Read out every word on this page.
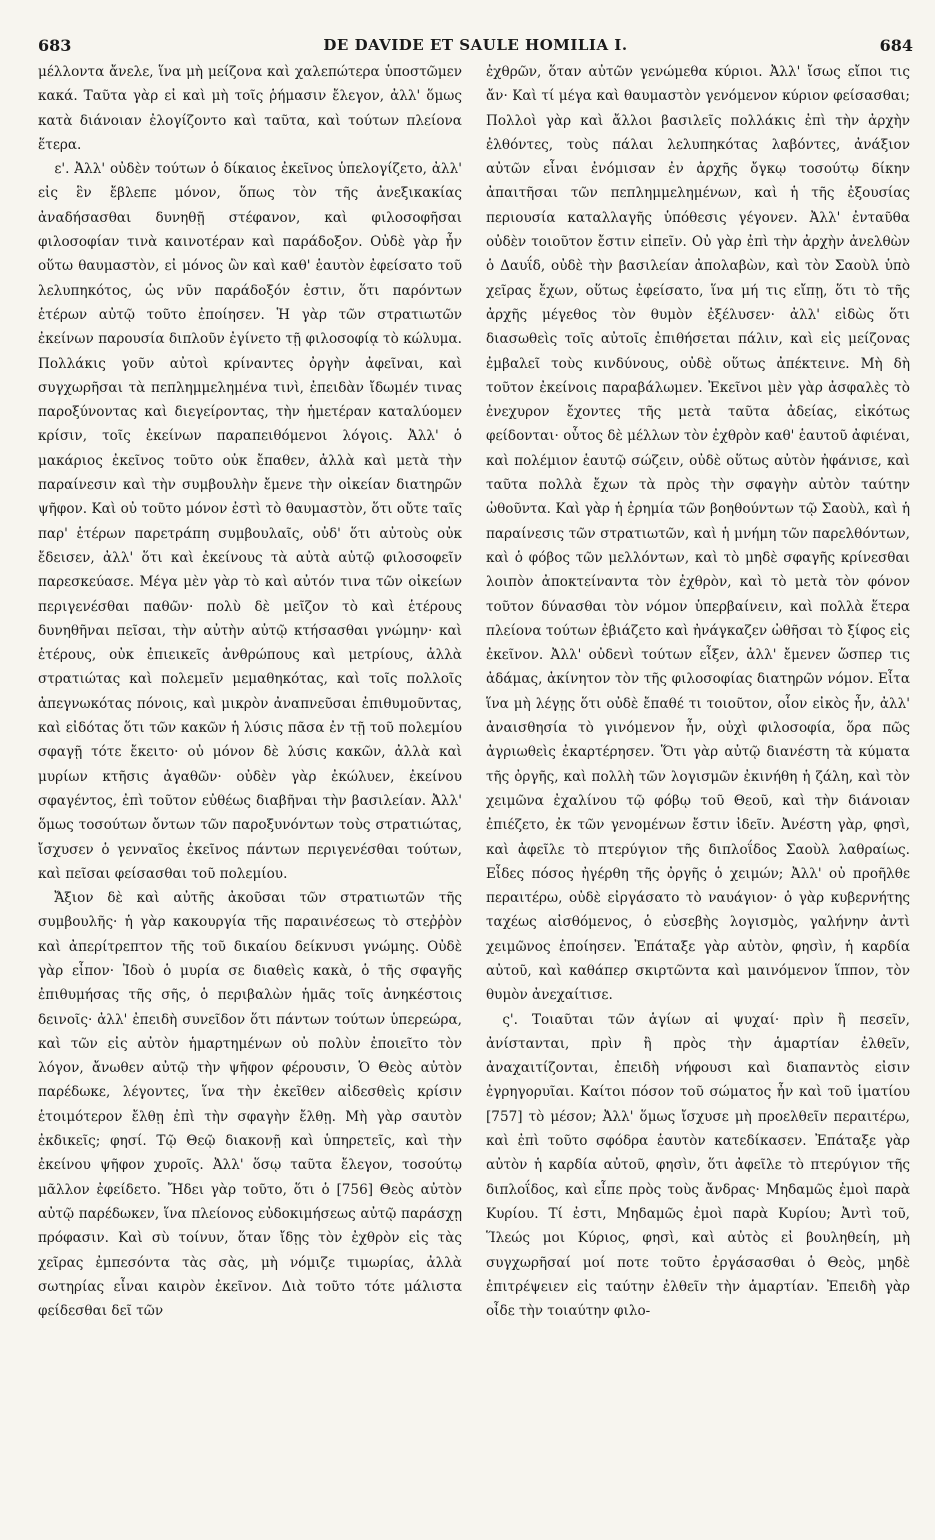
683	DE DAVIDE ET SAULE HOMILIA I.	684

μέλλοντα ἄνελε, ἵνα μὴ μείζονα καὶ χαλεπώτερα ὑποστῶμεν κακά. Ταῦτα γὰρ εἰ καὶ μὴ τοῖς ῥήμασιν ἔλεγον, ἀλλ' ὅμως κατὰ διάνοιαν ἐλογίζοντο καὶ ταῦτα, καὶ τούτων πλείονα ἕτερα.

ε'. Ἀλλ' οὐδὲν τούτων ὁ δίκαιος ἐκεῖνος ὑπελογίζετο, ἀλλ' εἰς ἓν ἔβλεπε μόνον, ὅπως τὸν τῆς ἀνεξικακίας ἀναδήσασθαι δυνηθῇ στέφανον, καὶ φιλοσοφῆσαι φιλοσοφίαν τινὰ καινοτέραν καὶ παράδοξον. Οὐδὲ γὰρ ἦν οὕτω θαυμαστὸν, εἰ μόνος ὢν καὶ καθ' ἑαυτὸν ἐφείσατο τοῦ λελυπηκότος, ὡς νῦν παράδοξόν ἐστιν, ὅτι παρόντων ἑτέρων αὐτῷ τοῦτο ἐποίησεν. Ἡ γὰρ τῶν στρατιωτῶν ἐκείνων παρουσία διπλοῦν ἐγίνετο τῇ φιλοσοφίᾳ τὸ κώλυμα. Πολλάκις γοῦν αὐτοὶ κρίναντες ὀργὴν ἀφεῖναι, καὶ συγχωρῆσαι τὰ πεπλημμελημένα τινὶ, ἐπειδὰν ἴδωμέν τινας παροξύνοντας καὶ διεγείροντας, τὴν ἡμετέραν καταλύομεν κρίσιν, τοῖς ἐκείνων παραπειθόμενοι λόγοις. Ἀλλ' ὁ μακάριος ἐκεῖνος τοῦτο οὐκ ἔπαθεν, ἀλλὰ καὶ μετὰ τὴν παραίνεσιν καὶ τὴν συμβουλὴν ἔμενε τὴν οἰκείαν διατηρῶν ψῆφον. Καὶ οὐ τοῦτο μόνον ἐστὶ τὸ θαυμαστὸν, ὅτι οὔτε ταῖς παρ' ἑτέρων παρετράπη συμβουλαῖς, οὐδ' ὅτι αὐτοὺς οὐκ ἔδεισεν, ἀλλ' ὅτι καὶ ἐκείνους τὰ αὐτὰ αὐτῷ φιλοσοφεῖν παρεσκεύασε. Μέγα μὲν γὰρ τὸ καὶ αὐτόν τινα τῶν οἰκείων περιγενέσθαι παθῶν· πολὺ δὲ μεῖζον τὸ καὶ ἑτέρους δυνηθῆναι πεῖσαι, τὴν αὐτὴν αὐτῷ κτήσασθαι γνώμην· καὶ ἑτέρους, οὐκ ἐπιεικεῖς ἀνθρώπους καὶ μετρίους, ἀλλὰ στρατιώτας καὶ πολεμεῖν μεμαθηκότας, καὶ τοῖς πολλοῖς ἀπεγνωκότας πόνοις, καὶ μικρὸν ἀναπνεῦσαι ἐπιθυμοῦντας, καὶ εἰδότας ὅτι τῶν κακῶν ἡ λύσις πᾶσα ἐν τῇ τοῦ πολεμίου σφαγῇ τότε ἔκειτο· οὐ μόνον δὲ λύσις κακῶν, ἀλλὰ καὶ μυρίων κτῆσις ἀγαθῶν· οὐδὲν γὰρ ἐκώλυεν, ἐκείνου σφαγέντος, ἐπὶ τοῦτον εὐθέως διαβῆναι τὴν βασιλείαν. Ἀλλ' ὅμως τοσούτων ὄντων τῶν παροξυνόντων τοὺς στρατιώτας, ἴσχυσεν ὁ γενναῖος ἐκεῖνος πάντων περιγενέσθαι τούτων, καὶ πεῖσαι φείσασθαι τοῦ πολεμίου.

Ἄξιον δὲ καὶ αὐτῆς ἀκοῦσαι τῶν στρατιωτῶν τῆς συμβουλῆς· ἡ γὰρ κακουργία τῆς παραινέσεως τὸ στεῤῥὸν καὶ ἀπερίτρεπτον τῆς τοῦ δικαίου δείκνυσι γνώμης. Οὐδὲ γὰρ εἶπον· Ἰδοὺ ὁ μυρία σε διαθεὶς κακὰ, ὁ τῆς σφαγῆς ἐπιθυμήσας τῆς σῆς, ὁ περιβαλὼν ἡμᾶς τοῖς ἀνηκέστοις δεινοῖς· ἀλλ' ἐπειδὴ συνεῖδον ὅτι πάντων τούτων ὑπερεώρα, καὶ τῶν εἰς αὐτὸν ἡμαρτημένων οὐ πολὺν ἐποιεῖτο τὸν λόγον, ἄνωθεν αὐτῷ τὴν ψῆφον φέρουσιν, Ὁ Θεὸς αὐτὸν παρέδωκε, λέγοντες, ἵνα τὴν ἐκεῖθεν αἰδεσθεὶς κρίσιν ἑτοιμότερον ἔλθῃ ἐπὶ τὴν σφαγὴν ἔλθῃ. Μὴ γὰρ σαυτὸν ἐκδικεῖς; φησί. Τῷ Θεῷ διακονῇ καὶ ὑπηρετεῖς, καὶ τὴν ἐκείνου ψῆφον χυροῖς. Ἀλλ' ὅσῳ ταῦτα ἔλεγον, τοσούτῳ μᾶλλον ἐφείδετο. Ἤδει γὰρ τοῦτο, ὅτι ὁ [756] Θεὸς αὐτὸν αὐτῷ παρέδωκεν, ἵνα πλείονος εὐδοκιμήσεως αὐτῷ παράσχῃ πρόφασιν. Καὶ σὺ τοίνυν, ὅταν ἴδῃς τὸν ἐχθρὸν εἰς τὰς χεῖρας ἐμπεσόντα τὰς σὰς, μὴ νόμιζε τιμωρίας, ἀλλὰ σωτηρίας εἶναι καιρὸν ἐκεῖνον. Διὰ τοῦτο τότε μάλιστα φείδεσθαι δεῖ τῶν

ἐχθρῶν, ὅταν αὐτῶν γενώμεθα κύριοι. Ἀλλ' ἴσως εἴποι τις ἄν· Καὶ τί μέγα καὶ θαυμαστὸν γενόμενον κύριον φείσασθαι; Πολλοὶ γὰρ καὶ ἄλλοι βασιλεῖς πολλάκις ἐπὶ τὴν ἀρχὴν ἐλθόντες, τοὺς πάλαι λελυπηκότας λαβόντες, ἀνάξιον αὐτῶν εἶναι ἐνόμισαν ἐν ἀρχῆς ὄγκῳ τοσούτῳ δίκην ἀπαιτῆσαι τῶν πεπλημμελημένων, καὶ ἡ τῆς ἐξουσίας περιουσία καταλλαγῆς ὑπόθεσις γέγονεν. Ἀλλ' ἐνταῦθα οὐδὲν τοιοῦτον ἔστιν εἰπεῖν. Οὐ γὰρ ἐπὶ τὴν ἀρχὴν ἀνελθὼν ὁ Δαυΐδ, οὐδὲ τὴν βασιλείαν ἀπολαβὼν, καὶ τὸν Σαοὺλ ὑπὸ χεῖρας ἔχων, οὕτως ἐφείσατο, ἵνα μή τις εἴπῃ, ὅτι τὸ τῆς ἀρχῆς μέγεθος τὸν θυμὸν ἐξέλυσεν· ἀλλ' εἰδὼς ὅτι διασωθεὶς τοῖς αὐτοῖς ἐπιθήσεται πάλιν, καὶ εἰς μείζονας ἐμβαλεῖ τοὺς κινδύνους, οὐδὲ οὕτως ἀπέκτεινε. Μὴ δὴ τοῦτον ἐκείνοις παραβάλωμεν. Ἐκεῖνοι μὲν γὰρ ἀσφαλὲς τὸ ἐνεχυρον ἔχοντες τῆς μετὰ ταῦτα ἀδείας, εἰκότως φείδονται· οὗτος δὲ μέλλων τὸν ἐχθρὸν καθ' ἑαυτοῦ ἀφιέναι, καὶ πολέμιον ἑαυτῷ σώζειν, οὐδὲ οὕτως αὐτὸν ἠφάνισε, καὶ ταῦτα πολλὰ ἔχων τὰ πρὸς τὴν σφαγὴν αὐτὸν ταύτην ὠθοῦντα. Καὶ γὰρ ἡ ἐρημία τῶν βοηθούντων τῷ Σαοὺλ, καὶ ἡ παραίνεσις τῶν στρατιωτῶν, καὶ ἡ μνήμη τῶν παρελθόντων, καὶ ὁ φόβος τῶν μελλόντων, καὶ τὸ μηδὲ σφαγῆς κρίνεσθαι λοιπὸν ἀποκτείναντα τὸν ἐχθρὸν, καὶ τὸ μετὰ τὸν φόνον τοῦτον δύνασθαι τὸν νόμον ὑπερβαίνειν, καὶ πολλὰ ἕτερα πλείονα τούτων ἐβιάζετο καὶ ἠνάγκαζεν ὠθῆσαι τὸ ξίφος εἰς ἐκεῖνον. Ἀλλ' οὐδενὶ τούτων εἶξεν, ἀλλ' ἔμενεν ὥσπερ τις ἀδάμας, ἀκίνητον τὸν τῆς φιλοσοφίας διατηρῶν νόμον. Εἶτα ἵνα μὴ λέγῃς ὅτι οὐδὲ ἔπαθέ τι τοιοῦτον, οἷον εἰκὸς ἦν, ἀλλ' ἀναισθησία τὸ γινόμενον ἦν, οὐχὶ φιλοσοφία, ὅρα πῶς ἀγριωθεὶς ἐκαρτέρησεν. Ὅτι γὰρ αὐτῷ διανέστη τὰ κύματα τῆς ὀργῆς, καὶ πολλὴ τῶν λογισμῶν ἐκινήθη ἡ ζάλη, καὶ τὸν χειμῶνα ἐχαλίνου τῷ φόβῳ τοῦ Θεοῦ, καὶ τὴν διάνοιαν ἐπιέζετο, ἐκ τῶν γενομένων ἔστιν ἰδεῖν. Ἀνέστη γὰρ, φησὶ, καὶ ἀφεῖλε τὸ πτερύγιον τῆς διπλοΐδος Σαοὺλ λαθραίως. Εἶδες πόσος ἠγέρθη τῆς ὀργῆς ὁ χειμών; Ἀλλ' οὐ προῆλθε περαιτέρω, οὐδὲ εἰργάσατο τὸ ναυάγιον· ὁ γὰρ κυβερνήτης ταχέως αἰσθόμενος, ὁ εὐσεβὴς λογισμὸς, γαλήνην ἀντὶ χειμῶνος ἐποίησεν. Ἐπάταξε γὰρ αὐτὸν, φησὶν, ἡ καρδία αὐτοῦ, καὶ καθάπερ σκιρτῶντα καὶ μαινόμενον ἵππον, τὸν θυμὸν ἀνεχαίτισε.

ς'. Τοιαῦται τῶν ἁγίων αἱ ψυχαί· πρὶν ἢ πεσεῖν, ἀνίστανται, πρὶν ἢ πρὸς τὴν ἁμαρτίαν ἐλθεῖν, ἀναχαιτίζονται, ἐπειδὴ νήφουσι καὶ διαπαντὸς εἰσιν ἐγρηγορυῖαι. Καίτοι πόσον τοῦ σώματος ἦν καὶ τοῦ ἱματίου [757] τὸ μέσον; Ἀλλ' ὅμως ἴσχυσε μὴ προελθεῖν περαιτέρω, καὶ ἐπὶ τοῦτο σφόδρα ἑαυτὸν κατεδίκασεν. Ἐπάταξε γὰρ αὐτὸν ἡ καρδία αὐτοῦ, φησὶν, ὅτι ἀφεῖλε τὸ πτερύγιον τῆς διπλοΐδος, καὶ εἶπε πρὸς τοὺς ἄνδρας· Μηδαμῶς ἐμοὶ παρὰ Κυρίου. Τί ἐστι, Μηδαμῶς ἐμοὶ παρὰ Κυρίου; Ἀντὶ τοῦ, Ἵλεώς μοι Κύριος, φησὶ, καὶ αὐτὸς εἰ βουληθείη, μὴ συγχωρῆσαί μοί ποτε τοῦτο ἐργάσασθαι ὁ Θεὸς, μηδὲ ἐπιτρέψειεν εἰς ταύτην ἐλθεῖν τὴν ἁμαρτίαν. Ἐπειδὴ γὰρ οἶδε τὴν τοιαύτην φιλο-
